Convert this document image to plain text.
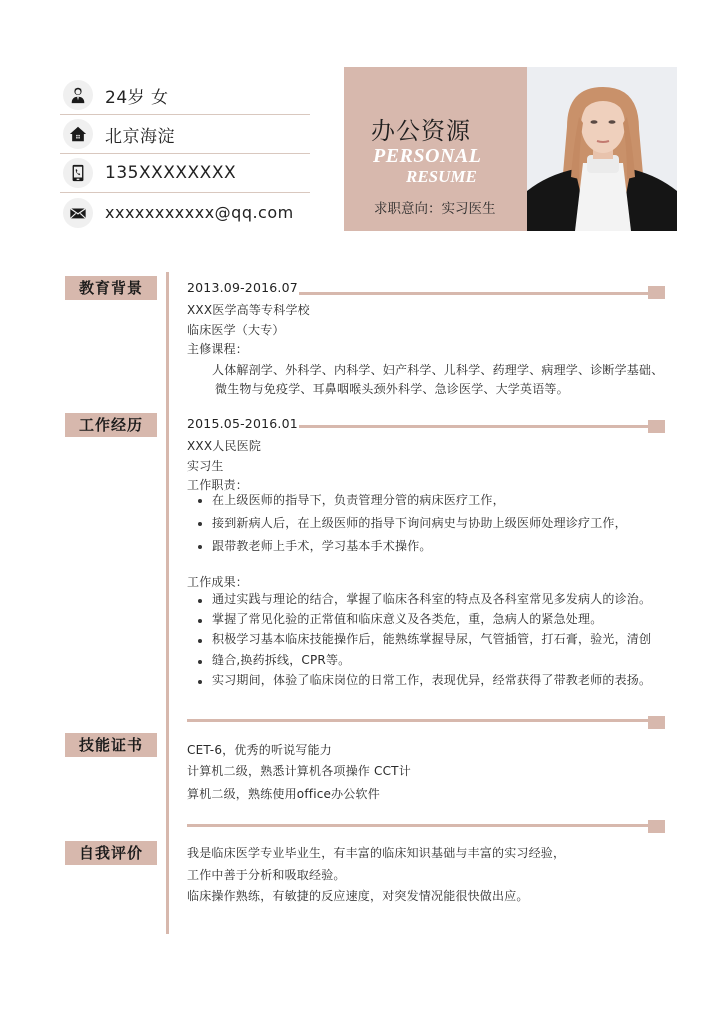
24岁 女
北京海淀
135XXXXXXXX
xxxxxxxxxxx@qq.com
办公资源
PERSONAL
RESUME
求职意向：实习医生
教育背景	2013.09-2016.07
XXX医学高等专科学校
临床医学（大专）
主修课程：
人体解剖学、外科学、内科学、妇产科学、儿科学、药理学、病理学、诊断学基础、
微生物与免疫学、耳鼻咽喉头颈外科学、急诊医学、大学英语等。
工作经历	2015.05-2016.01
XXX人民医院
实习生
工作职责：
在上级医师的指导下，负责管理分管的病床医疗工作，
接到新病人后，在上级医师的指导下询问病史与协助上级医师处理诊疗工作，
跟带教老师上手术，学习基本手术操作。
工作成果：
通过实践与理论的结合，掌握了临床各科室的特点及各科室常见多发病人的诊治。
掌握了常见化验的正常值和临床意义及各类危，重，急病人的紧急处理。
积极学习基本临床技能操作后，能熟练掌握导尿，气管插管，打石膏，验光，清创
缝合,换药拆线，CPR等。
实习期间，体验了临床岗位的日常工作，表现优异，经常获得了带教老师的表扬。
技能证书	CET-6，优秀的听说写能力
计算机二级，熟悉计算机各项操作 CCT计
算机二级，熟练使用office办公软件
自我评价	我是临床医学专业毕业生，有丰富的临床知识基础与丰富的实习经验，
工作中善于分析和吸取经验。
临床操作熟练，有敏捷的反应速度，对突发情况能很快做出应。
